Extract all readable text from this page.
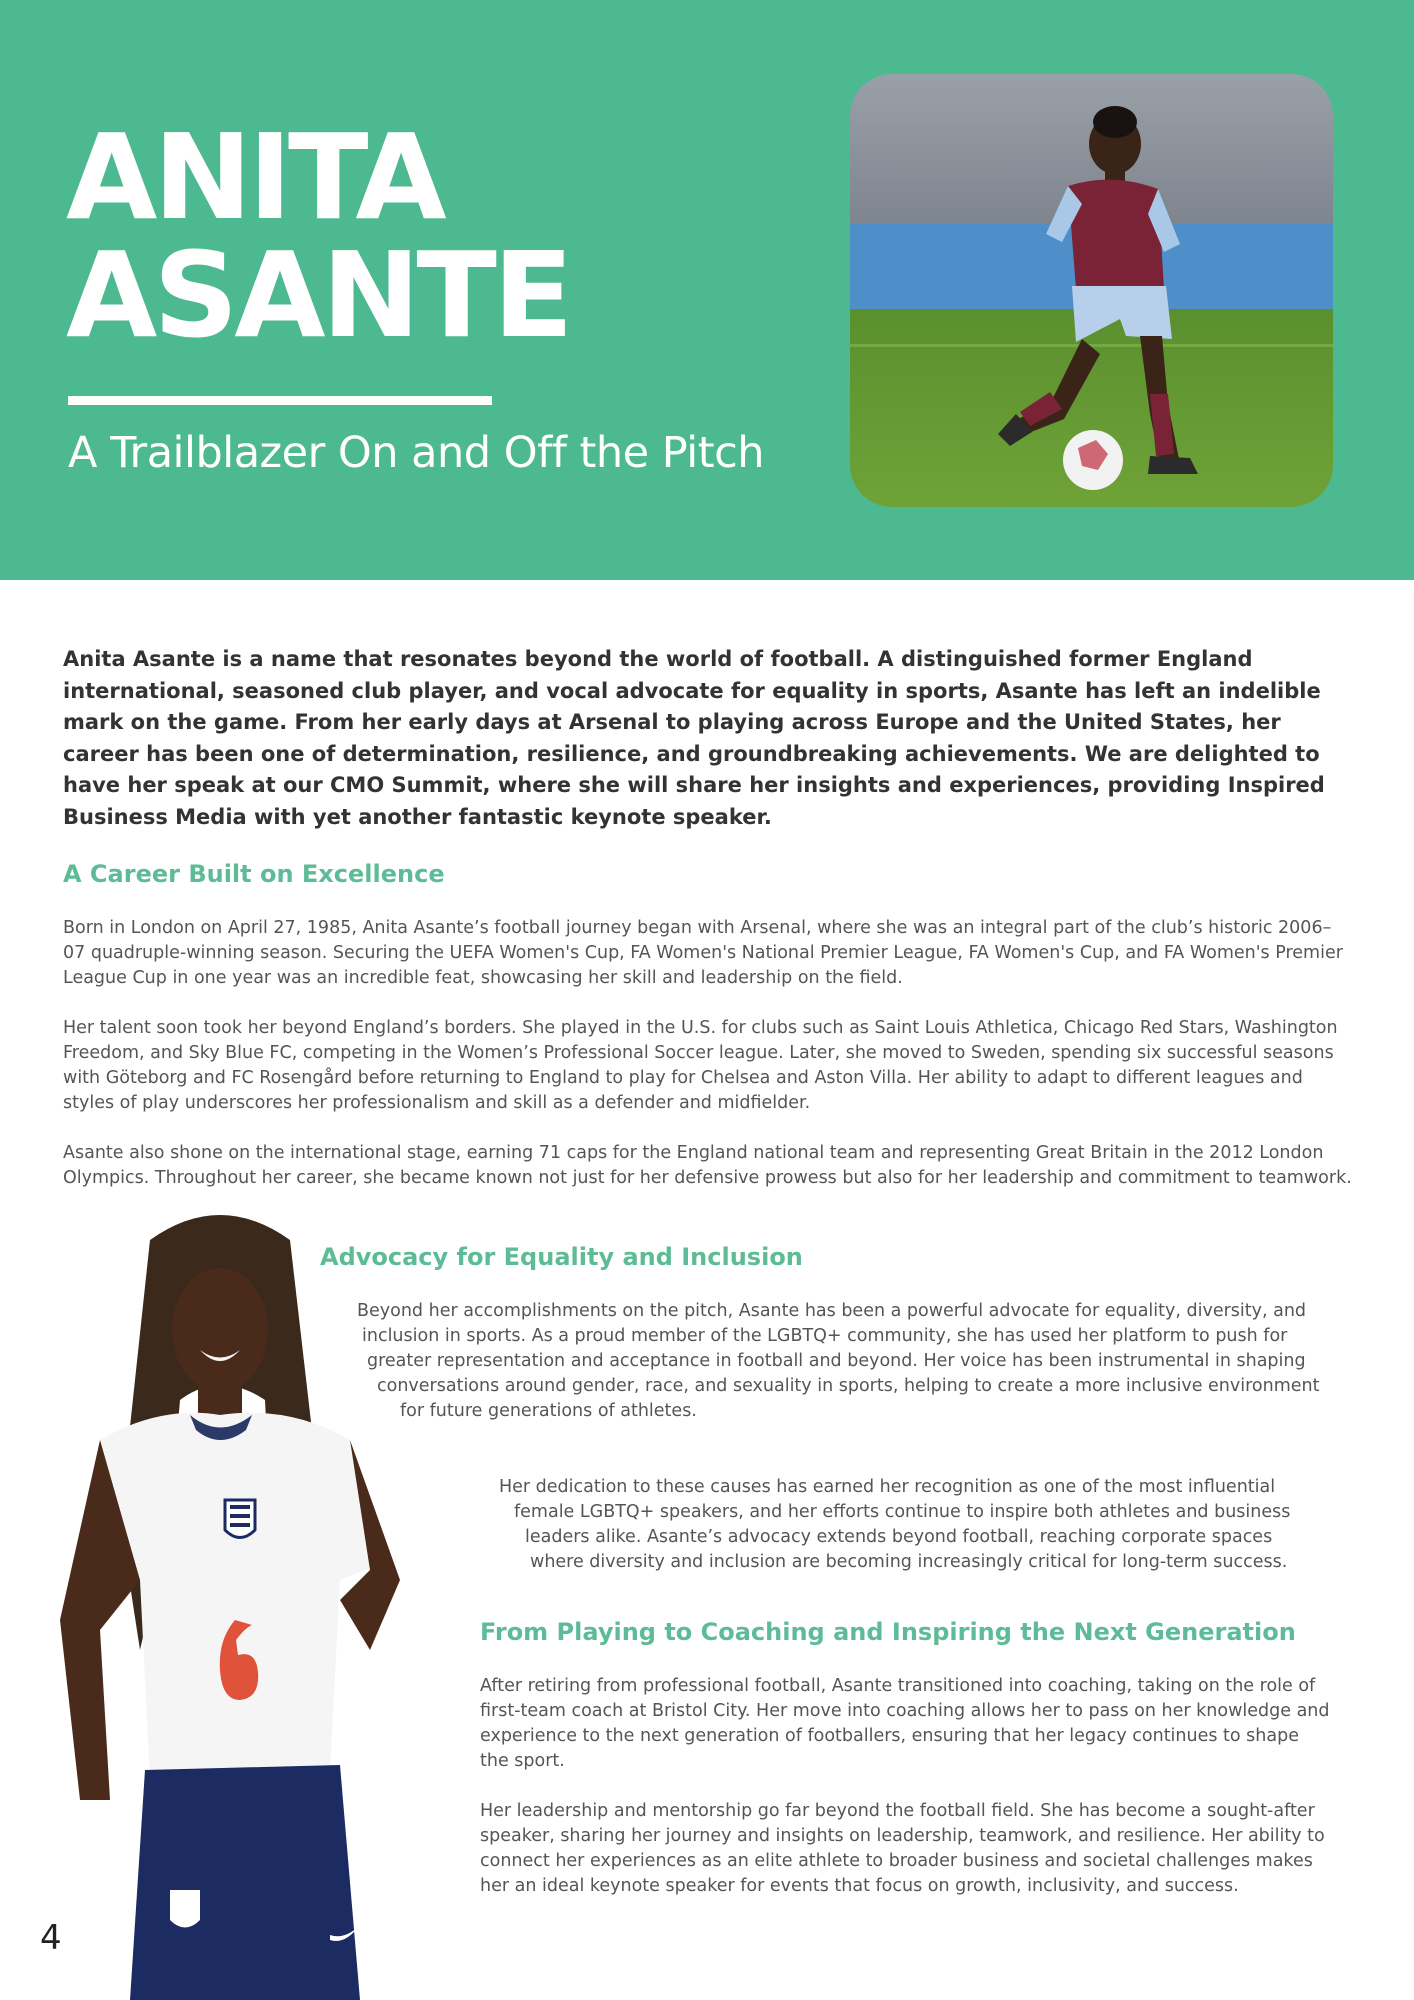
ANITA
ASANTE
A Trailblazer On and Off the Pitch

Anita Asante is a name that resonates beyond the world of football. A distinguished former England international, seasoned club player, and vocal advocate for equality in sports, Asante has left an indelible mark on the game. From her early days at Arsenal to playing across Europe and the United States, her career has been one of determination, resilience, and groundbreaking achievements. We are delighted to have her speak at our CMO Summit, where she will share her insights and experiences, providing Inspired Business Media with yet another fantastic keynote speaker.

A Career Built on Excellence

Born in London on April 27, 1985, Anita Asante’s football journey began with Arsenal, where she was an integral part of the club’s historic 2006–07 quadruple-winning season. Securing the UEFA Women's Cup, FA Women's National Premier League, FA Women's Cup, and FA Women's Premier League Cup in one year was an incredible feat, showcasing her skill and leadership on the field.

Her talent soon took her beyond England’s borders. She played in the U.S. for clubs such as Saint Louis Athletica, Chicago Red Stars, Washington Freedom, and Sky Blue FC, competing in the Women’s Professional Soccer league. Later, she moved to Sweden, spending six successful seasons with Göteborg and FC Rosengård before returning to England to play for Chelsea and Aston Villa. Her ability to adapt to different leagues and styles of play underscores her professionalism and skill as a defender and midfielder.

Asante also shone on the international stage, earning 71 caps for the England national team and representing Great Britain in the 2012 London Olympics. Throughout her career, she became known not just for her defensive prowess but also for her leadership and commitment to teamwork.

Advocacy for Equality and Inclusion

Beyond her accomplishments on the pitch, Asante has been a powerful advocate for equality, diversity, and

inclusion in sports. As a proud member of the LGBTQ+ community, she has used her platform to push for

greater representation and acceptance in football and beyond. Her voice has been instrumental in shaping

conversations around gender, race, and sexuality in sports, helping to create a more inclusive environment

for future generations of athletes.

Her dedication to these causes has earned her recognition as one of the most influential

female LGBTQ+ speakers, and her efforts continue to inspire both athletes and business

leaders alike. Asante’s advocacy extends beyond football, reaching corporate spaces

where diversity and inclusion are becoming increasingly critical for long-term success.

From Playing to Coaching and Inspiring the Next Generation

After retiring from professional football, Asante transitioned into coaching, taking on the role of first-team coach at Bristol City. Her move into coaching allows her to pass on her knowledge and experience to the next generation of footballers, ensuring that her legacy continues to shape the sport.

Her leadership and mentorship go far beyond the football field. She has become a sought-after speaker, sharing her journey and insights on leadership, teamwork, and resilience. Her ability to connect her experiences as an elite athlete to broader business and societal challenges makes her an ideal keynote speaker for events that focus on growth, inclusivity, and success.

4
